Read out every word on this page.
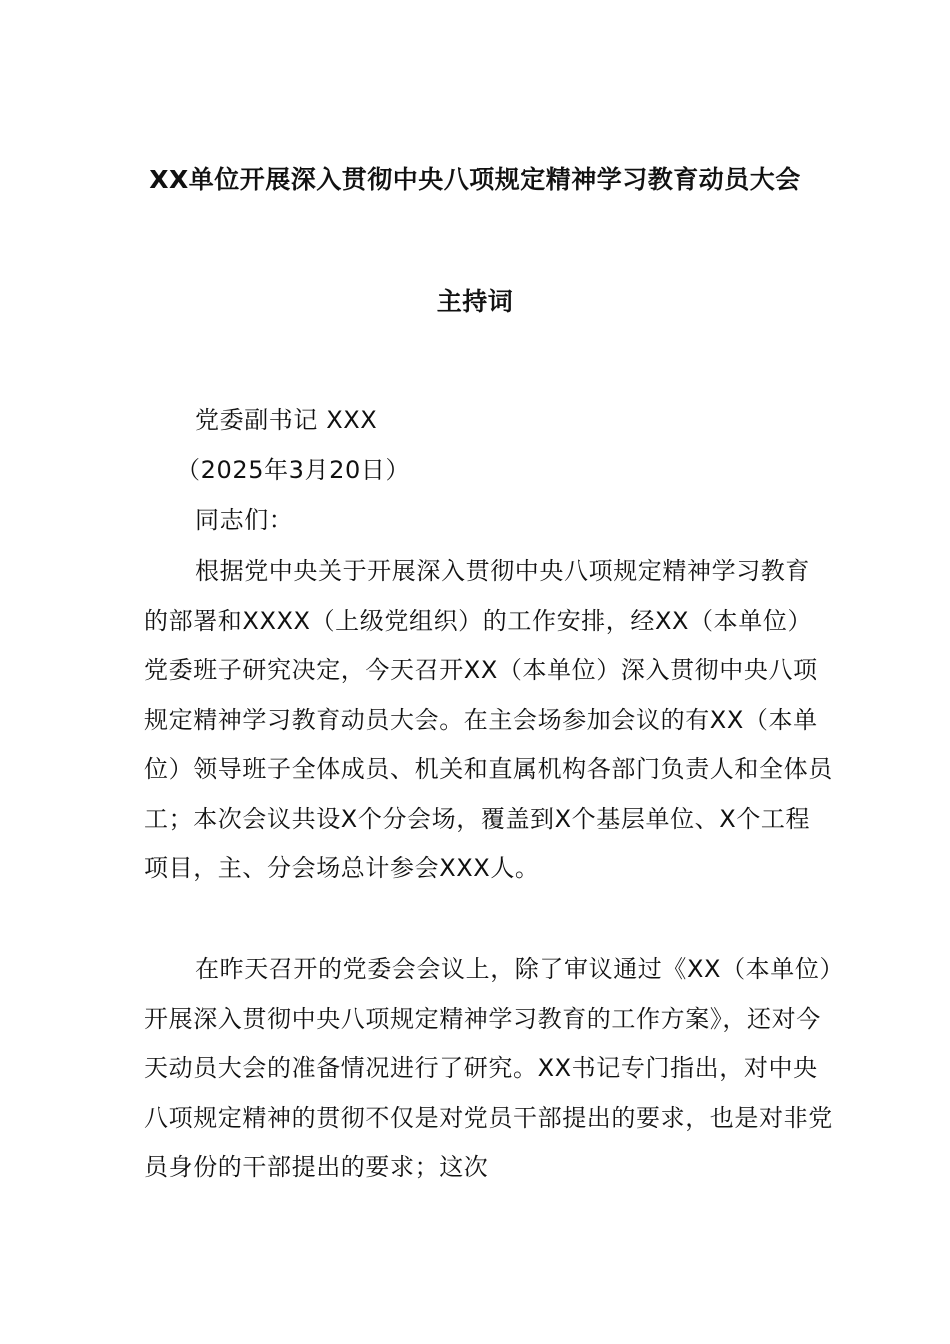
XX单位开展深入贯彻中央八项规定精神学习教育动员大会
主持词
党委副书记 XXX
（2025年3月20日）
同志们：

根据党中央关于开展深入贯彻中央八项规定精神学习教育的部署和XXXX（上级党组织）的工作安排，经XX（本单位）党委班子研究决定，今天召开XX（本单位）深入贯彻中央八项规定精神学习教育动员大会。在主会场参加会议的有XX（本单位）领导班子全体成员、机关和直属机构各部门负责人和全体员工；本次会议共设X个分会场，覆盖到X个基层单位、X个工程项目，主、分会场总计参会XXX人。

在昨天召开的党委会会议上，除了审议通过《XX（本单位）开展深入贯彻中央八项规定精神学习教育的工作方案》，还对今天动员大会的准备情况进行了研究。XX书记专门指出，对中央八项规定精神的贯彻不仅是对党员干部提出的要求，也是对非党员身份的干部提出的要求；这次
